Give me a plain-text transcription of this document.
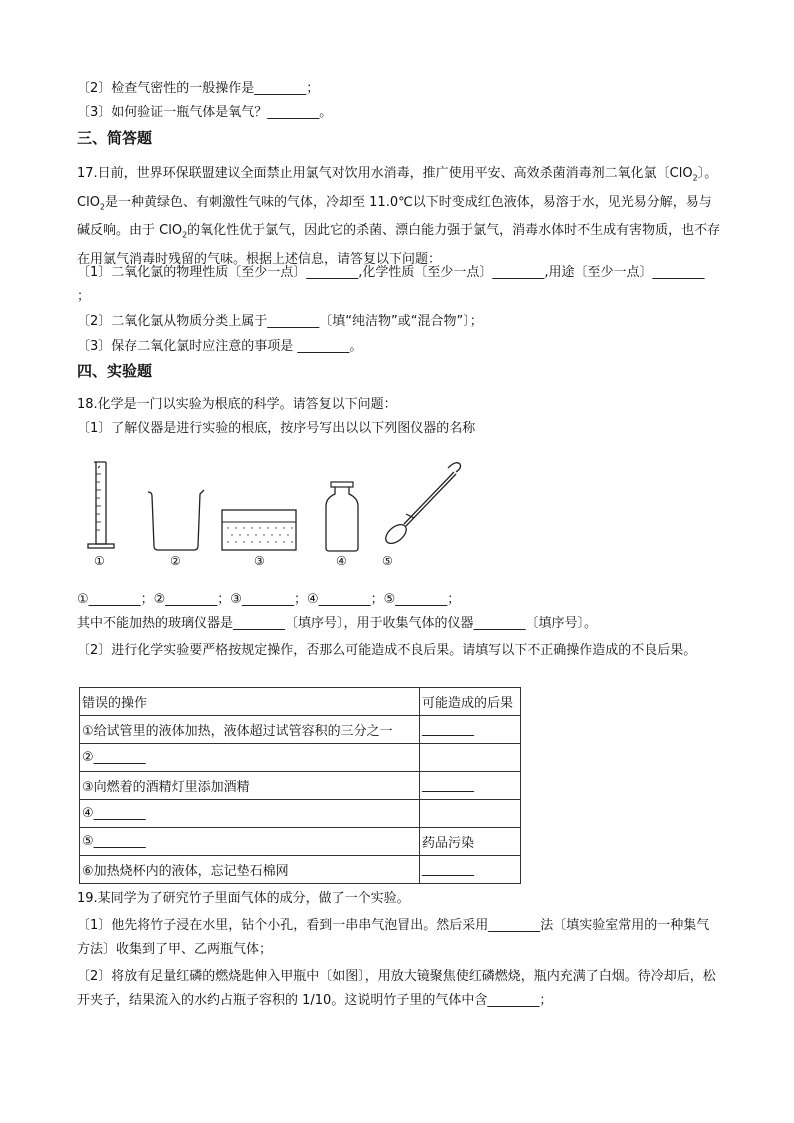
〔2〕检查气密性的一般操作是________；
〔3〕如何验证一瓶气体是氧气？________。
三、简答题
17.日前，世界环保联盟建议全面禁止用氯气对饮用水消毒，推广使用平安、高效杀菌消毒剂二氧化氯〔ClO$_2$〕。ClO$_2$是一种黄绿色、有刺激性气味的气体，冷却至 11.0℃以下时变成红色液体，易溶于水，见光易分解，易与碱反响。由于 ClO$_2$的氧化性优于氯气，因此它的杀菌、漂白能力强于氯气，消毒水体时不生成有害物质，也不存在用氯气消毒时残留的气味。根据上述信息，请答复以下问题：
〔1〕二氧化氯的物理性质〔至少一点〕________,化学性质〔至少一点〕________,用途〔至少一点〕________
；
〔2〕二氧化氯从物质分类上属于________〔填“纯洁物”或“混合物”〕；
〔3〕保存二氧化氯时应注意的事项是 ________。
四、实验题
18.化学是一门以实验为根底的科学。请答复以下问题：
〔1〕了解仪器是进行实验的根底，按序号写出以以下列图仪器的名称
①	②	③	④	⑤
①________；②________；③________；④________；⑤________；
其中不能加热的玻璃仪器是________〔填序号〕，用于收集气体的仪器________〔填序号〕。
〔2〕进行化学实验要严格按规定操作，否那么可能造成不良后果。请填写以下不正确操作造成的不良后果。
错误的操作	可能造成的后果
①给试管里的液体加热，液体超过试管容积的三分之一	________
②________	
③向燃着的酒精灯里添加酒精	________
④________	
⑤________	药品污染
⑥加热烧杯内的液体，忘记垫石棉网	________
19.某同学为了研究竹子里面气体的成分，做了一个实验。
〔1〕他先将竹子浸在水里，钻个小孔，看到一串串气泡冒出。然后采用________法〔填实验室常用的一种集气方法〕收集到了甲、乙两瓶气体；
〔2〕将放有足量红磷的燃烧匙伸入甲瓶中〔如图〕，用放大镜聚焦使红磷燃烧，瓶内充满了白烟。待冷却后，松开夹子，结果流入的水约占瓶子容积的 1/10。这说明竹子里的气体中含________；
